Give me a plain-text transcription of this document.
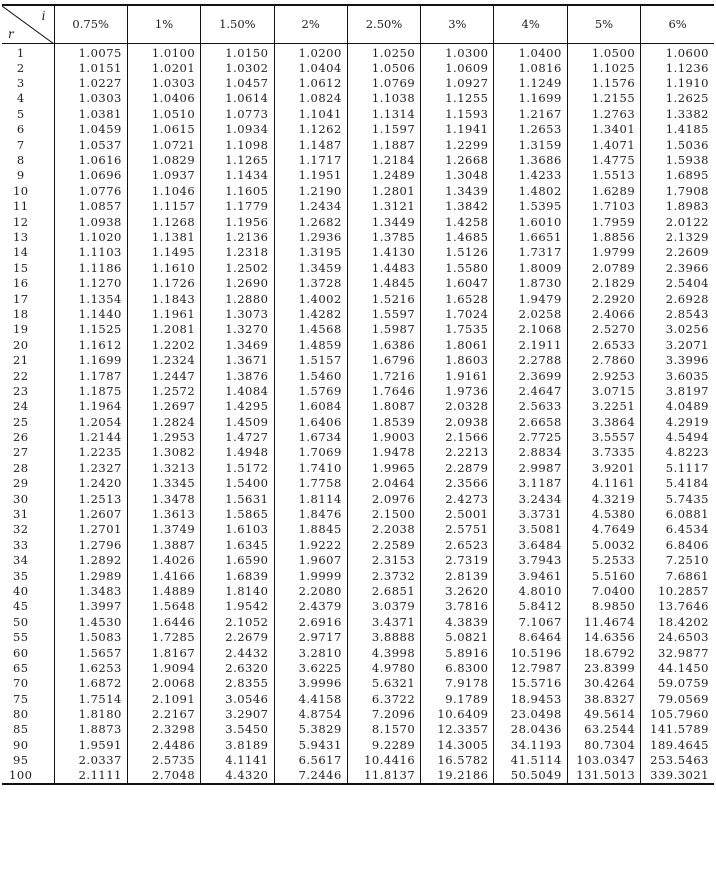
i
r	0.75%	1%	1.50%	2%	2.50%	3%	4%	5%	6%
1	1.0075	1.0100	1.0150	1.0200	1.0250	1.0300	1.0400	1.0500	1.0600
2	1.0151	1.0201	1.0302	1.0404	1.0506	1.0609	1.0816	1.1025	1.1236
3	1.0227	1.0303	1.0457	1.0612	1.0769	1.0927	1.1249	1.1576	1.1910
4	1.0303	1.0406	1.0614	1.0824	1.1038	1.1255	1.1699	1.2155	1.2625
5	1.0381	1.0510	1.0773	1.1041	1.1314	1.1593	1.2167	1.2763	1.3382
6	1.0459	1.0615	1.0934	1.1262	1.1597	1.1941	1.2653	1.3401	1.4185
7	1.0537	1.0721	1.1098	1.1487	1.1887	1.2299	1.3159	1.4071	1.5036
8	1.0616	1.0829	1.1265	1.1717	1.2184	1.2668	1.3686	1.4775	1.5938
9	1.0696	1.0937	1.1434	1.1951	1.2489	1.3048	1.4233	1.5513	1.6895
10	1.0776	1.1046	1.1605	1.2190	1.2801	1.3439	1.4802	1.6289	1.7908
11	1.0857	1.1157	1.1779	1.2434	1.3121	1.3842	1.5395	1.7103	1.8983
12	1.0938	1.1268	1.1956	1.2682	1.3449	1.4258	1.6010	1.7959	2.0122
13	1.1020	1.1381	1.2136	1.2936	1.3785	1.4685	1.6651	1.8856	2.1329
14	1.1103	1.1495	1.2318	1.3195	1.4130	1.5126	1.7317	1.9799	2.2609
15	1.1186	1.1610	1.2502	1.3459	1.4483	1.5580	1.8009	2.0789	2.3966
16	1.1270	1.1726	1.2690	1.3728	1.4845	1.6047	1.8730	2.1829	2.5404
17	1.1354	1.1843	1.2880	1.4002	1.5216	1.6528	1.9479	2.2920	2.6928
18	1.1440	1.1961	1.3073	1.4282	1.5597	1.7024	2.0258	2.4066	2.8543
19	1.1525	1.2081	1.3270	1.4568	1.5987	1.7535	2.1068	2.5270	3.0256
20	1.1612	1.2202	1.3469	1.4859	1.6386	1.8061	2.1911	2.6533	3.2071
21	1.1699	1.2324	1.3671	1.5157	1.6796	1.8603	2.2788	2.7860	3.3996
22	1.1787	1.2447	1.3876	1.5460	1.7216	1.9161	2.3699	2.9253	3.6035
23	1.1875	1.2572	1.4084	1.5769	1.7646	1.9736	2.4647	3.0715	3.8197
24	1.1964	1.2697	1.4295	1.6084	1.8087	2.0328	2.5633	3.2251	4.0489
25	1.2054	1.2824	1.4509	1.6406	1.8539	2.0938	2.6658	3.3864	4.2919
26	1.2144	1.2953	1.4727	1.6734	1.9003	2.1566	2.7725	3.5557	4.5494
27	1.2235	1.3082	1.4948	1.7069	1.9478	2.2213	2.8834	3.7335	4.8223
28	1.2327	1.3213	1.5172	1.7410	1.9965	2.2879	2.9987	3.9201	5.1117
29	1.2420	1.3345	1.5400	1.7758	2.0464	2.3566	3.1187	4.1161	5.4184
30	1.2513	1.3478	1.5631	1.8114	2.0976	2.4273	3.2434	4.3219	5.7435
31	1.2607	1.3613	1.5865	1.8476	2.1500	2.5001	3.3731	4.5380	6.0881
32	1.2701	1.3749	1.6103	1.8845	2.2038	2.5751	3.5081	4.7649	6.4534
33	1.2796	1.3887	1.6345	1.9222	2.2589	2.6523	3.6484	5.0032	6.8406
34	1.2892	1.4026	1.6590	1.9607	2.3153	2.7319	3.7943	5.2533	7.2510
35	1.2989	1.4166	1.6839	1.9999	2.3732	2.8139	3.9461	5.5160	7.6861
40	1.3483	1.4889	1.8140	2.2080	2.6851	3.2620	4.8010	7.0400	10.2857
45	1.3997	1.5648	1.9542	2.4379	3.0379	3.7816	5.8412	8.9850	13.7646
50	1.4530	1.6446	2.1052	2.6916	3.4371	4.3839	7.1067	11.4674	18.4202
55	1.5083	1.7285	2.2679	2.9717	3.8888	5.0821	8.6464	14.6356	24.6503
60	1.5657	1.8167	2.4432	3.2810	4.3998	5.8916	10.5196	18.6792	32.9877
65	1.6253	1.9094	2.6320	3.6225	4.9780	6.8300	12.7987	23.8399	44.1450
70	1.6872	2.0068	2.8355	3.9996	5.6321	7.9178	15.5716	30.4264	59.0759
75	1.7514	2.1091	3.0546	4.4158	6.3722	9.1789	18.9453	38.8327	79.0569
80	1.8180	2.2167	3.2907	4.8754	7.2096	10.6409	23.0498	49.5614	105.7960
85	1.8873	2.3298	3.5450	5.3829	8.1570	12.3357	28.0436	63.2544	141.5789
90	1.9591	2.4486	3.8189	5.9431	9.2289	14.3005	34.1193	80.7304	189.4645
95	2.0337	2.5735	4.1141	6.5617	10.4416	16.5782	41.5114	103.0347	253.5463
100	2.1111	2.7048	4.4320	7.2446	11.8137	19.2186	50.5049	131.5013	339.3021
